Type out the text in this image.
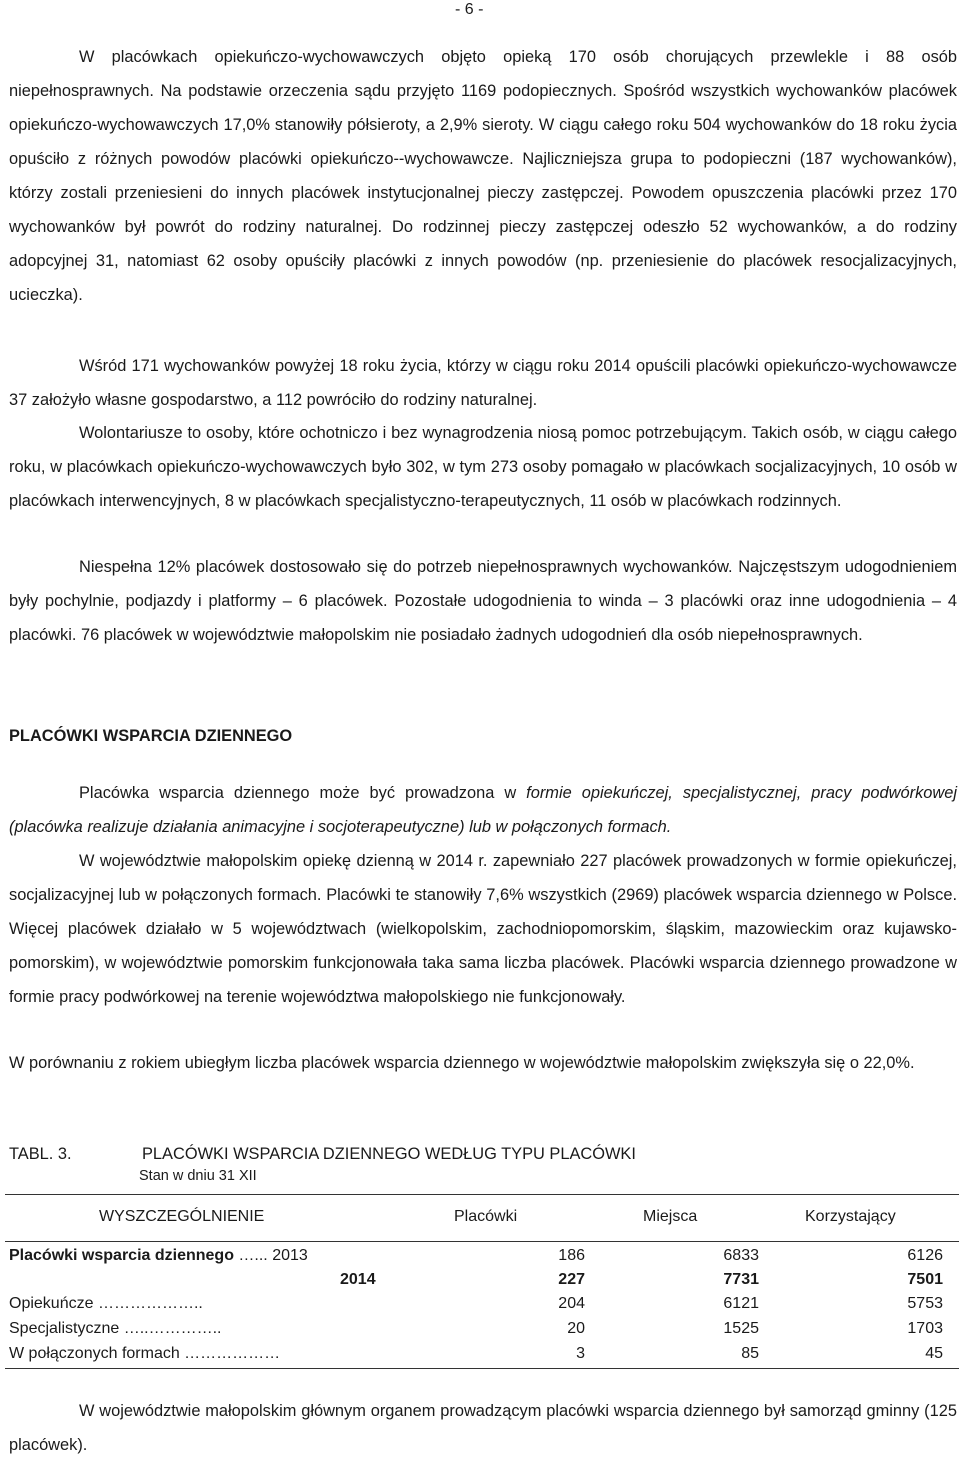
- 6 -

W placówkach opiekuńczo-wychowawczych objęto opieką 170 osób chorujących przewlekle i 88 osób niepełnosprawnych. Na podstawie orzeczenia sądu przyjęto 1169 podopiecznych. Spośród wszystkich wychowanków placówek opiekuńczo-wychowawczych 17,0% stanowiły półsieroty, a 2,9% sieroty. W ciągu całego roku 504 wychowanków do 18 roku życia opuściło z różnych powodów placówki opiekuńczo--wychowawcze. Najliczniejsza grupa to podopieczni (187 wychowanków), którzy zostali przeniesieni do innych placówek instytucjonalnej pieczy zastępczej. Powodem opuszczenia placówki przez 170 wychowanków był powrót do rodziny naturalnej. Do rodzinnej pieczy zastępczej odeszło 52 wychowanków, a do rodziny adopcyjnej 31, natomiast 62 osoby opuściły placówki z innych powodów (np. przeniesienie do placówek resocjalizacyjnych, ucieczka).

Wśród 171 wychowanków powyżej 18 roku życia, którzy w ciągu roku 2014 opuścili placówki opiekuńczo-wychowawcze 37 założyło własne gospodarstwo, a 112 powróciło do rodziny naturalnej.

Wolontariusze to osoby, które ochotniczo i bez wynagrodzenia niosą pomoc potrzebującym. Takich osób, w ciągu całego roku, w placówkach opiekuńczo-wychowawczych było 302, w tym 273 osoby pomagało w placówkach socjalizacyjnych, 10 osób w placówkach interwencyjnych, 8 w placówkach specjalistyczno-terapeutycznych, 11 osób w placówkach rodzinnych.

Niespełna 12% placówek dostosowało się do potrzeb niepełnosprawnych wychowanków. Najczęstszym udogodnieniem były pochylnie, podjazdy i platformy – 6 placówek. Pozostałe udogodnienia to winda – 3 placówki oraz inne udogodnienia – 4 placówki. 76 placówek w województwie małopolskim nie posiadało żadnych udogodnień dla osób niepełnosprawnych.

PLACÓWKI WSPARCIA DZIENNEGO

Placówka wsparcia dziennego może być prowadzona w formie opiekuńczej, specjalistycznej, pracy podwórkowej (placówka realizuje działania animacyjne i socjoterapeutyczne) lub w połączonych formach.

W województwie małopolskim opiekę dzienną w 2014 r. zapewniało 227 placówek prowadzonych w formie opiekuńczej, socjalizacyjnej lub w połączonych formach. Placówki te stanowiły 7,6% wszystkich (2969) placówek wsparcia dziennego w Polsce. Więcej placówek działało w 5 województwach (wielkopolskim, zachodniopomorskim, śląskim, mazowieckim oraz kujawsko-pomorskim), w województwie pomorskim funkcjonowała taka sama liczba placówek. Placówki wsparcia dziennego prowadzone w formie pracy podwórkowej na terenie województwa małopolskiego nie funkcjonowały.

W porównaniu z rokiem ubiegłym liczba placówek wsparcia dziennego w województwie małopolskim zwiększyła się o 22,0%.

TABL. 3.	PLACÓWKI WSPARCIA DZIENNEGO WEDŁUG TYPU PLACÓWKI
Stan w dniu 31 XII
WYSZCZEGÓLNIENIE	Placówki	Miejsca	Korzystający
Placówki wsparcia dziennego …... 2013	186	6833	6126
2014	227	7731	7501
Opiekuńcze ………………..	204	6121	5753
Specjalistyczne …..…………..	20	1525	1703
W połączonych formach ………………	3	85	45

W województwie małopolskim głównym organem prowadzącym placówki wsparcia dziennego był samorząd gminny (125 placówek).
